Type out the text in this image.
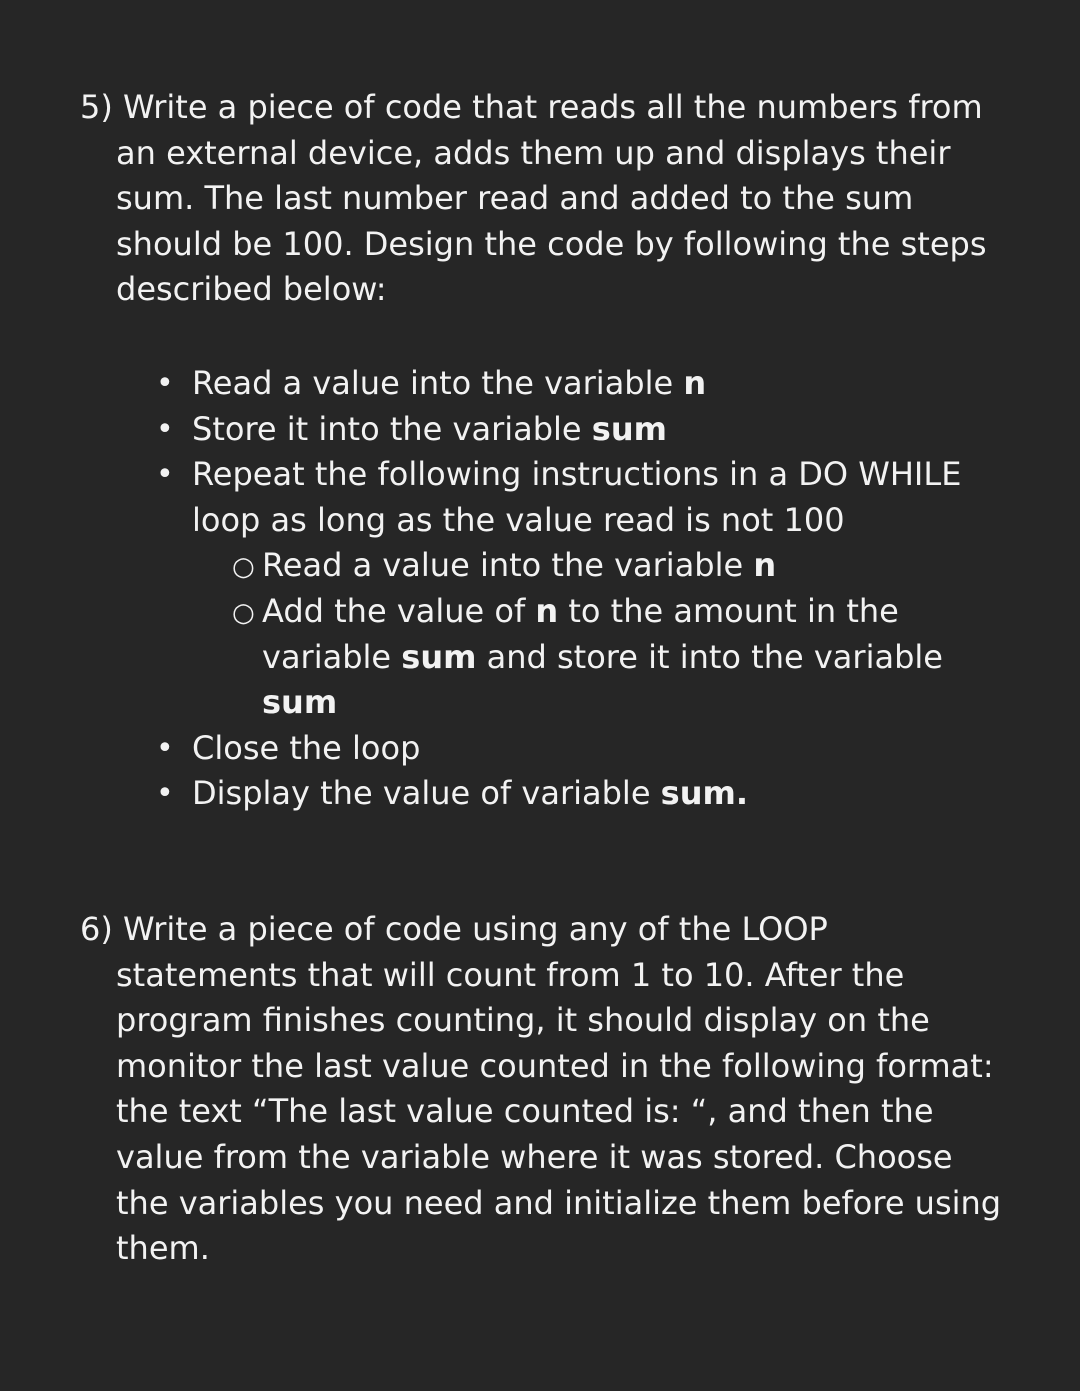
5) Write a piece of code that reads all the numbers from an external device, adds them up and displays their sum. The last number read and added to the sum should be 100. Design the code by following the steps described below:

• Read a value into the variable n
• Store it into the variable sum
• Repeat the following instructions in a DO WHILE loop as long as the value read is not 100
○ Read a value into the variable n
○ Add the value of n to the amount in the variable sum and store it into the variable sum
• Close the loop
• Display the value of variable sum.

6) Write a piece of code using any of the LOOP statements that will count from 1 to 10. After the program finishes counting, it should display on the monitor the last value counted in the following format: the text “The last value counted is: “, and then the value from the variable where it was stored. Choose the variables you need and initialize them before using them.
